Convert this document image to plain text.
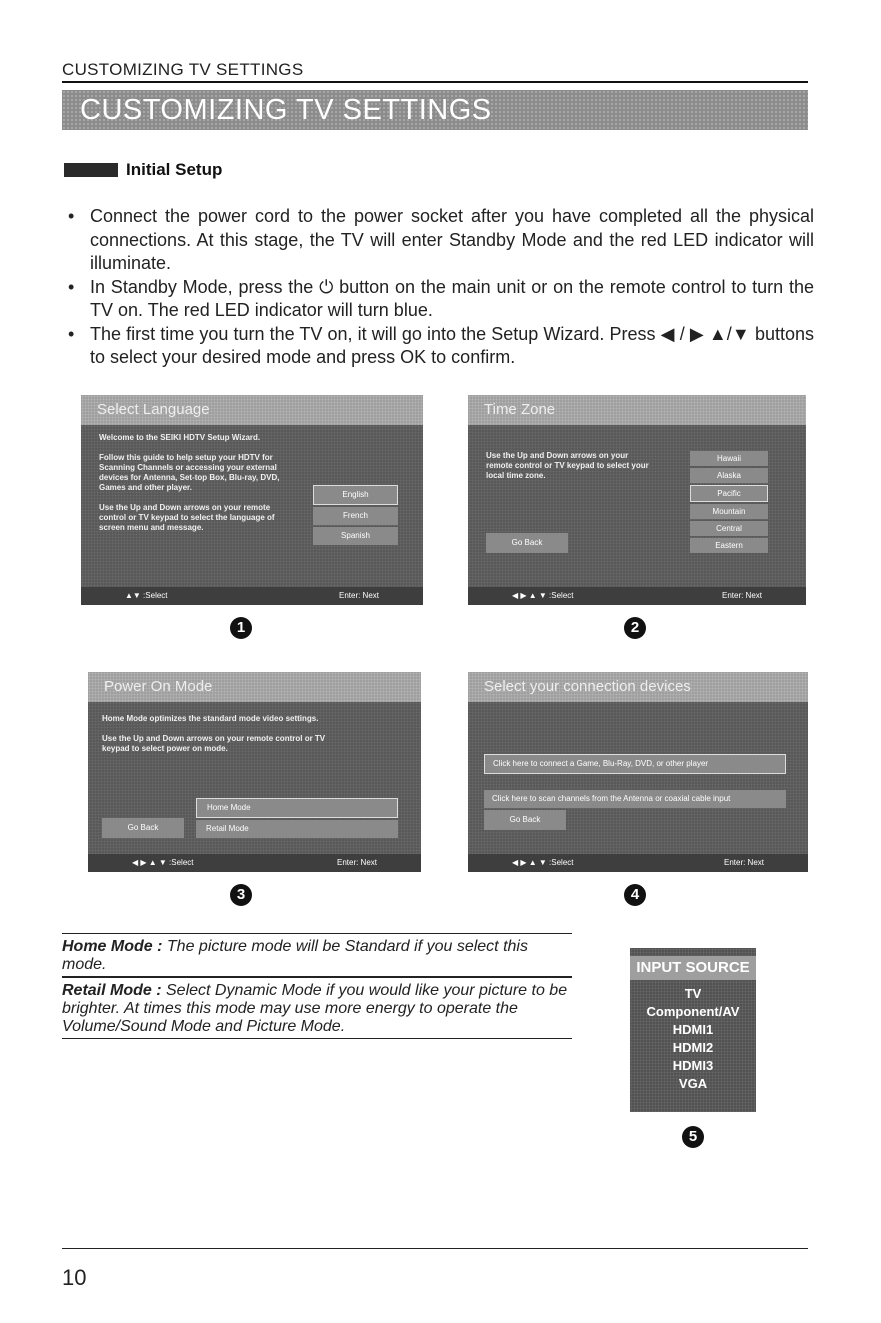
CUSTOMIZING TV SETTINGS
CUSTOMIZING TV SETTINGS
Initial Setup
• Connect the power cord to the power socket after you have completed all the physical connections. At this stage, the TV will enter Standby Mode and the red LED indicator will illuminate.
• In Standby Mode, press the ⏻ button on the main unit or on the remote control to turn the TV on. The red LED indicator will turn blue.
• The first time you turn the TV on, it will go into the Setup Wizard. Press ◀ / ▶ ▲/▼ buttons to select your desired mode and press OK to confirm.
Select Language
Welcome to the SEIKI HDTV Setup Wizard.

Follow this guide to help setup your HDTV for Scanning Channels or accessing your external devices for Antenna, Set-top Box, Blu-ray, DVD, Games and other player.

Use the Up and Down arrows on your remote control or TV keypad to select the language of screen menu and message.
English
French
Spanish
▲▼ :Select	Enter: Next
1
Time Zone
Use the Up and Down arrows on your remote control or TV keypad to select your local time zone.
Hawaii
Alaska
Pacific
Mountain
Central
Eastern
Go Back
◀ ▶ ▲ ▼ :Select	Enter: Next
2
Power On Mode
Home Mode optimizes the standard mode video settings.

Use the Up and Down arrows on your remote control or TV keypad to select power on mode.
Home Mode
Retail Mode
Go Back
◀ ▶ ▲ ▼ :Select	Enter: Next
3
Select your connection devices
Click here to connect a Game, Blu-Ray, DVD, or other player
Click here to scan channels from the Antenna or coaxial cable input
Go Back
◀ ▶ ▲ ▼ :Select	Enter: Next
4
Home Mode : The picture mode will be Standard if you select this mode.
Retail Mode : Select Dynamic Mode if you would like your picture to be brighter. At times this mode may use more energy to operate the Volume/Sound Mode and Picture Mode.
INPUT SOURCE
TV
Component/AV
HDMI1
HDMI2
HDMI3
VGA
5
10
